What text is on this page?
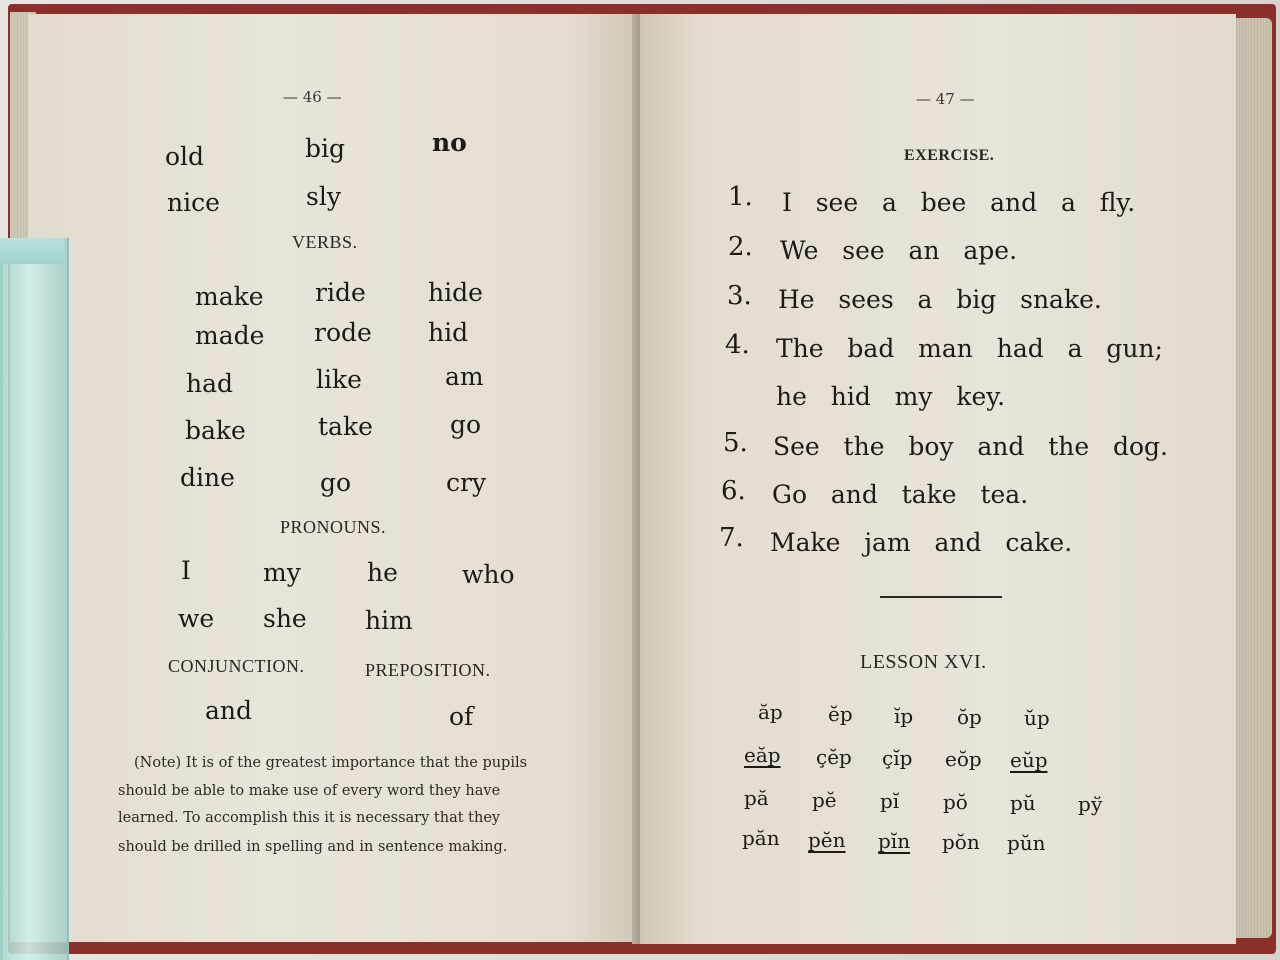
— 46 —
old	big	no
nice	sly
VERBS.
make ride hide
made rode hid
had	like	am
bake	take	go
dine	go	cry
PRONOUNS.
I	my	he	who
we she him
CONJUNCTION.	PREPOSITION.
and	of
(Note) It is of the greatest importance that the pupils
should be able to make use of every word they have
learned. To accomplish this it is necessary that they
should be drilled in spelling and in sentence making.
— 47 —
EXERCISE.
1. I   see   a   bee   and   a   fly.
2. We   see   an   ape.
3. He   sees   a   big   snake.
4. The   bad   man   had   a   gun;
he   hid   my   key.
5. See   the   boy   and   the   dog.
6. Go   and   take   tea.
7. Make   jam   and   cake.
LESSON XVI.
ăp ĕp ĭp ŏp ŭp
eăp çĕp çĭp eŏp eŭp
pă pĕ pĭ pŏ pŭ pў
păn pĕn pĭn pŏn pŭn
